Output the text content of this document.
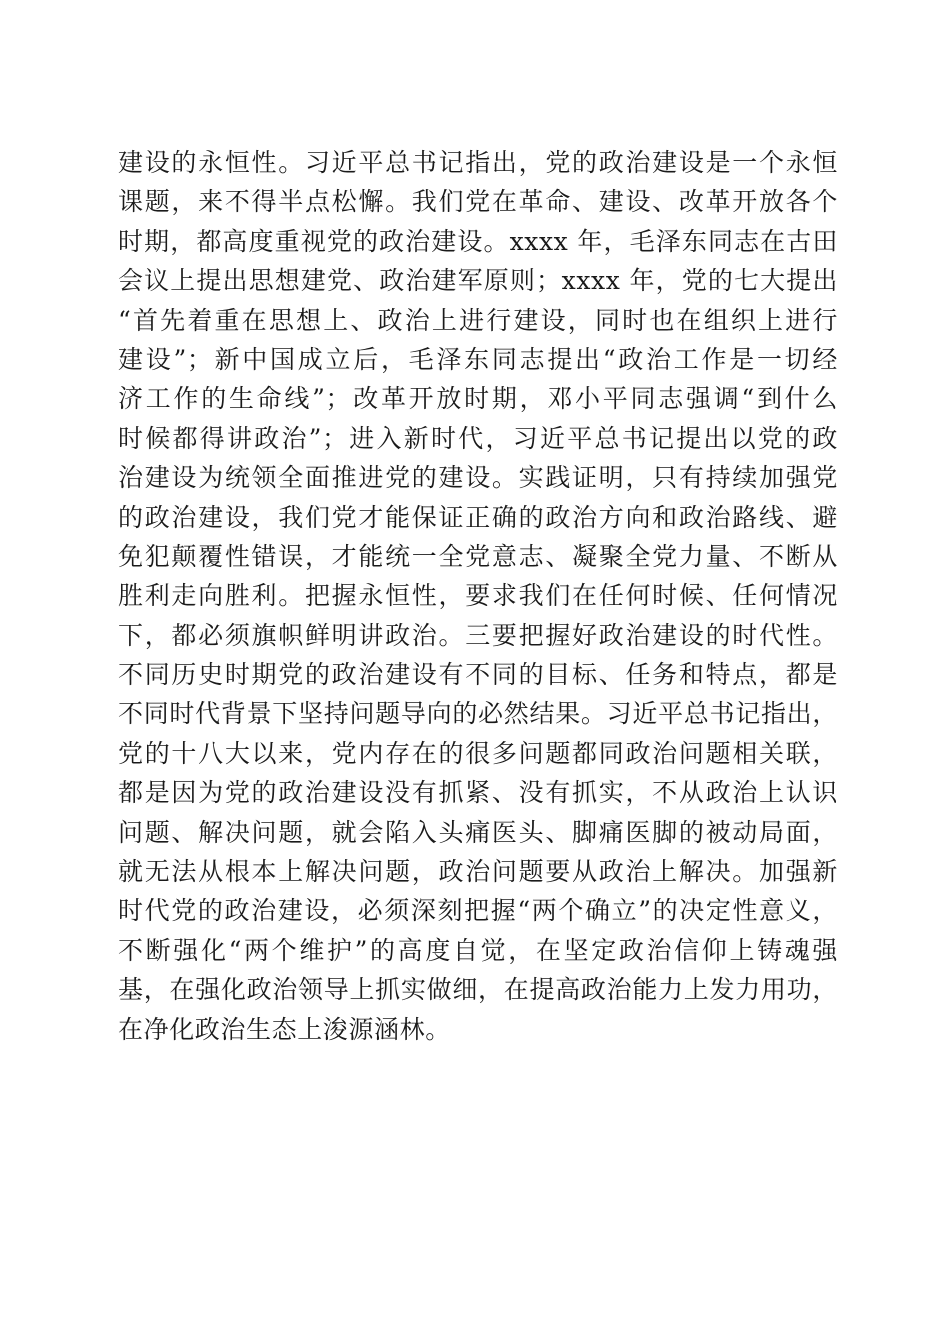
建设的永恒性。习近平总书记指出，党的政治建设是一个永恒
课题，来不得半点松懈。我们党在革命、建设、改革开放各个
时期，都高度重视党的政治建设。xxxx 年，毛泽东同志在古田
会议上提出思想建党、政治建军原则；xxxx 年，党的七大提出
“首先着重在思想上、政治上进行建设，同时也在组织上进行
建设”；新中国成立后，毛泽东同志提出“政治工作是一切经
济工作的生命线”；改革开放时期，邓小平同志强调“到什么
时候都得讲政治”；进入新时代，习近平总书记提出以党的政
治建设为统领全面推进党的建设。实践证明，只有持续加强党
的政治建设，我们党才能保证正确的政治方向和政治路线、避
免犯颠覆性错误，才能统一全党意志、凝聚全党力量、不断从
胜利走向胜利。把握永恒性，要求我们在任何时候、任何情况
下，都必须旗帜鲜明讲政治。三要把握好政治建设的时代性。
不同历史时期党的政治建设有不同的目标、任务和特点，都是
不同时代背景下坚持问题导向的必然结果。习近平总书记指出，
党的十八大以来，党内存在的很多问题都同政治问题相关联，
都是因为党的政治建设没有抓紧、没有抓实，不从政治上认识
问题、解决问题，就会陷入头痛医头、脚痛医脚的被动局面，
就无法从根本上解决问题，政治问题要从政治上解决。加强新
时代党的政治建设，必须深刻把握“两个确立”的决定性意义，
不断强化“两个维护”的高度自觉，在坚定政治信仰上铸魂强
基，在强化政治领导上抓实做细，在提高政治能力上发力用功，
在净化政治生态上浚源涵林。
